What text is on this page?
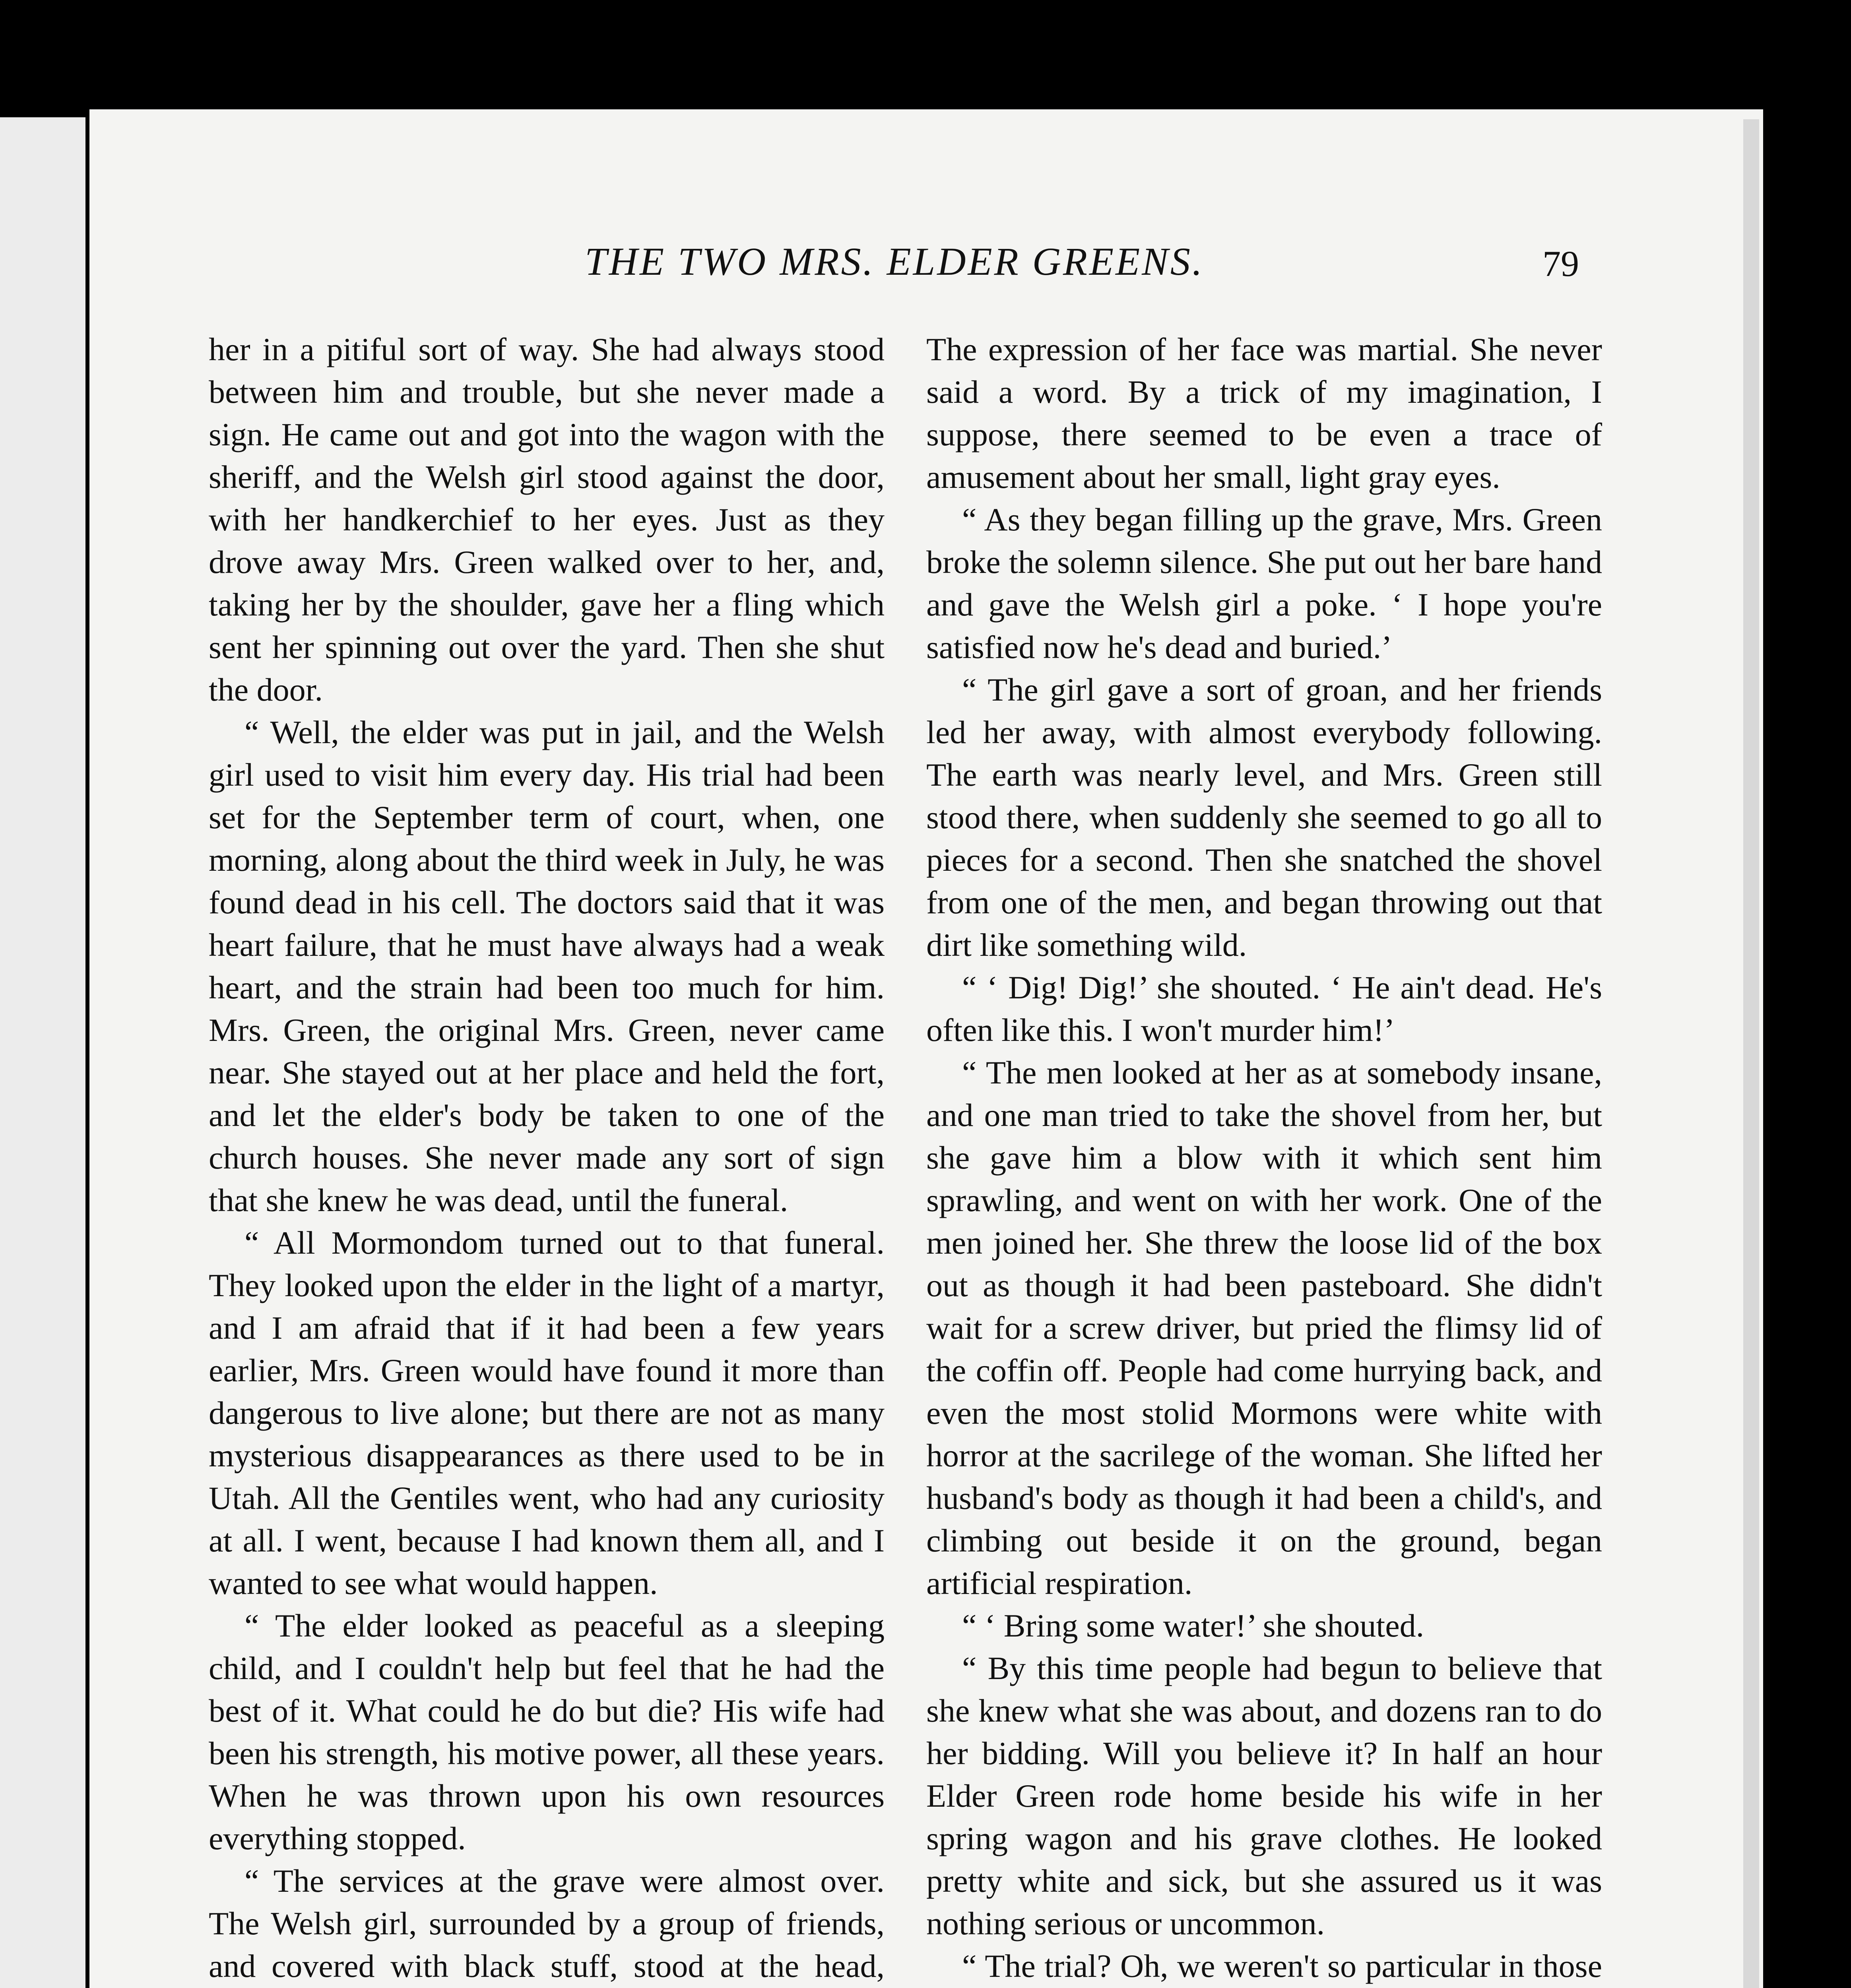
THE TWO MRS. ELDER GREENS.	79

her in a pitiful sort of way. She had always stood between him and trouble, but she never made a sign. He came out and got into the wagon with the sheriff, and the Welsh girl stood against the door, with her handkerchief to her eyes. Just as they drove away Mrs. Green walked over to her, and, taking her by the shoulder, gave her a fling which sent her spinning out over the yard. Then she shut the door.

“ Well, the elder was put in jail, and the Welsh girl used to visit him every day. His trial had been set for the September term of court, when, one morning, along about the third week in July, he was found dead in his cell. The doctors said that it was heart failure, that he must have always had a weak heart, and the strain had been too much for him. Mrs. Green, the original Mrs. Green, never came near. She stayed out at her place and held the fort, and let the elder's body be taken to one of the church houses. She never made any sort of sign that she knew he was dead, until the funeral.

“ All Mormondom turned out to that funeral. They looked upon the elder in the light of a martyr, and I am afraid that if it had been a few years earlier, Mrs. Green would have found it more than dangerous to live alone; but there are not as many mysterious disappearances as there used to be in Utah. All the Gentiles went, who had any curiosity at all. I went, because I had known them all, and I wanted to see what would happen.

“ The elder looked as peaceful as a sleeping child, and I couldn't help but feel that he had the best of it. What could he do but die? His wife had been his strength, his motive power, all these years. When he was thrown upon his own resources everything stopped.

“ The services at the grave were almost over. The Welsh girl, surrounded by a group of friends, and covered with black stuff, stood at the head,

The expression of her face was martial. She never said a word. By a trick of my imagination, I suppose, there seemed to be even a trace of amusement about her small, light gray eyes.

“ As they began filling up the grave, Mrs. Green broke the solemn silence. She put out her bare hand and gave the Welsh girl a poke. ‘ I hope you're satisfied now he's dead and buried.’

“ The girl gave a sort of groan, and her friends led her away, with almost everybody following. The earth was nearly level, and Mrs. Green still stood there, when suddenly she seemed to go all to pieces for a second. Then she snatched the shovel from one of the men, and began throwing out that dirt like something wild.

“ ‘ Dig! Dig!’ she shouted. ‘ He ain't dead. He's often like this. I won't murder him!’

“ The men looked at her as at somebody insane, and one man tried to take the shovel from her, but she gave him a blow with it which sent him sprawling, and went on with her work. One of the men joined her. She threw the loose lid of the box out as though it had been pasteboard. She didn't wait for a screw driver, but pried the flimsy lid of the coffin off. People had come hurrying back, and even the most stolid Mormons were white with horror at the sacrilege of the woman. She lifted her husband's body as though it had been a child's, and climbing out beside it on the ground, began artificial respiration.

“ ‘ Bring some water!’ she shouted.

“ By this time people had begun to believe that she knew what she was about, and dozens ran to do her bidding. Will you believe it? In half an hour Elder Green rode home beside his wife in her spring wagon and his grave clothes. He looked pretty white and sick, but she assured us it was nothing serious or uncommon.

“ The trial? Oh, we weren't so particular in those
